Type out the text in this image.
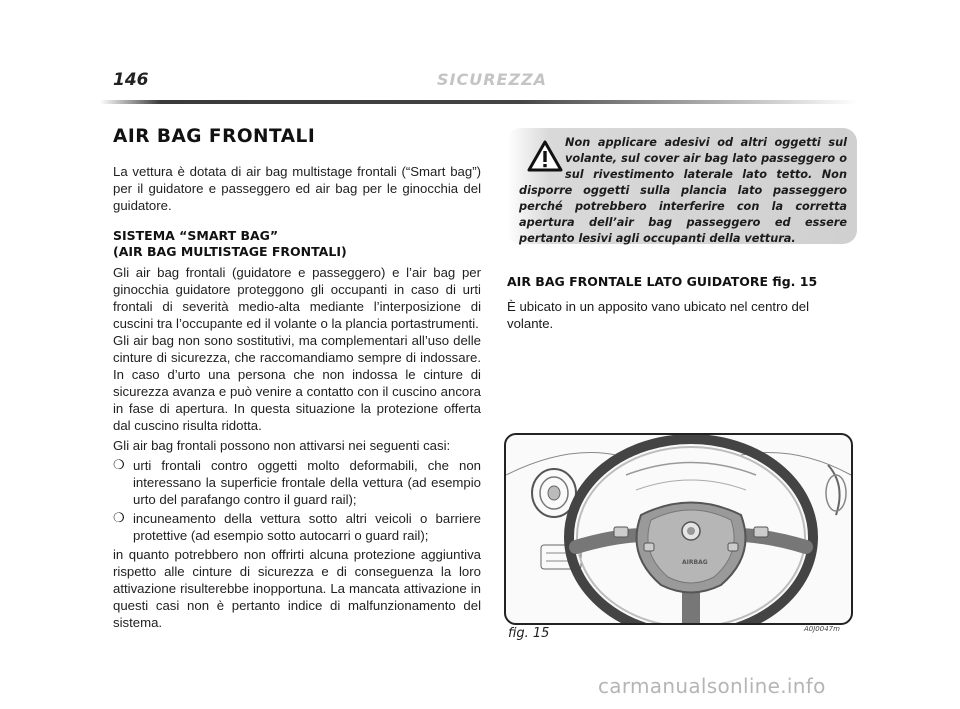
146	SICUREZZA
AIR BAG FRONTALI

La vettura è dotata di air bag multistage frontali (“Smart bag”) per il guidatore e passeggero ed air bag per le ginocchia del guidatore.

SISTEMA “SMART BAG”
(AIR BAG MULTISTAGE FRONTALI)

Gli air bag frontali (guidatore e passeggero) e l’air bag per ginocchia guidatore proteggono gli occupanti in caso di urti frontali di severità medio-alta mediante l’interposizione di cuscini tra l’occupante ed il volante o la plancia portastrumenti.

Gli air bag non sono sostitutivi, ma complementari all’uso delle cinture di sicurezza, che raccomandiamo sempre di indossare. In caso d’urto una persona che non indossa le cinture di sicurezza avanza e può venire a contatto con il cuscino ancora in fase di apertura. In questa situazione la protezione offerta dal cuscino risulta ridotta.

Gli air bag frontali possono non attivarsi nei seguenti casi:

❍ urti frontali contro oggetti molto deformabili, che non interessano la superficie frontale della vettura (ad esempio urto del parafango contro il guard rail);
❍ incuneamento della vettura sotto altri veicoli o barriere protettive (ad esempio sotto autocarri o guard rail);

in quanto potrebbero non offrirti alcuna protezione aggiuntiva rispetto alle cinture di sicurezza e di conseguenza la loro attivazione risulterebbe inopportuna. La mancata attivazione in questi casi non è pertanto indice di malfunzionamento del sistema.

Non applicare adesivi od altri oggetti sul volante, sul cover air bag lato passeggero o sul rivestimento laterale lato tetto. Non disporre oggetti sulla plancia lato passeggero perché potrebbero interferire con la corretta apertura dell’air bag passeggero ed essere pertanto lesivi agli occupanti della vettura.

AIR BAG FRONTALE LATO GUIDATORE fig. 15

È ubicato in un apposito vano ubicato nel centro del volante.

AIRBAG
fig. 15	A0J0047m
carmanualsonline.info
